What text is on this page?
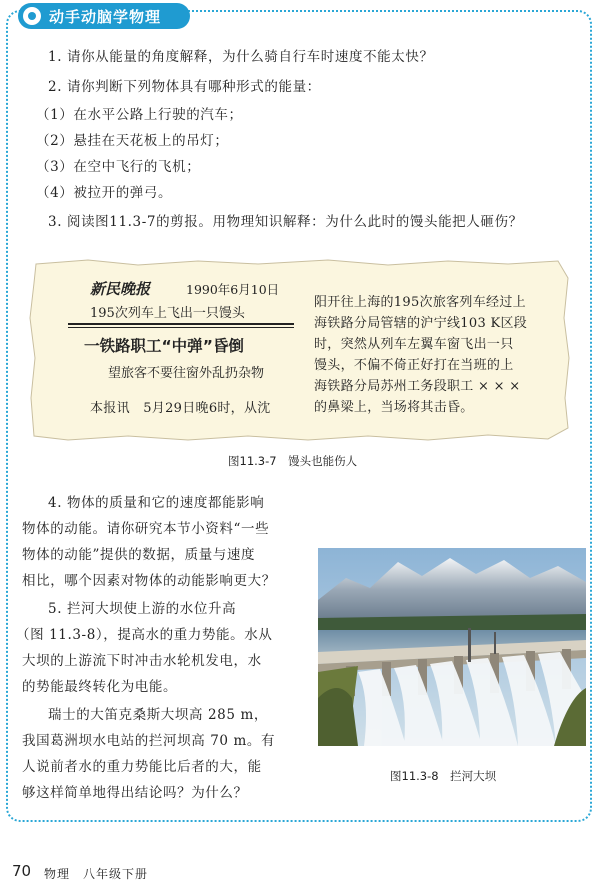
动手动脑学物理
1. 请你从能量的角度解释，为什么骑自行车时速度不能太快？
2. 请你判断下列物体具有哪种形式的能量：
（1）在水平公路上行驶的汽车；
（2）悬挂在天花板上的吊灯；
（3）在空中飞行的飞机；
（4）被拉开的弹弓。
3. 阅读图11.3-7的剪报。用物理知识解释：为什么此时的馒头能把人砸伤？
新民晚报	1990年6月10日
195次列车上飞出一只馒头
一铁路职工“中弹”昏倒
望旅客不要往窗外乱扔杂物
本报讯　5月29日晚6时，从沈
阳开往上海的195次旅客列车经过上
海铁路分局管辖的沪宁线103 K区段
时，突然从列车左翼车窗飞出一只
馒头，不偏不倚正好打在当班的上
海铁路分局苏州工务段职工 × × ×
的鼻梁上，当场将其击昏。
图11.3-7　馒头也能伤人
4. 物体的质量和它的速度都能影响
物体的动能。请你研究本节小资料“一些
物体的动能”提供的数据，质量与速度
相比，哪个因素对物体的动能影响更大？
5. 拦河大坝使上游的水位升高
（图 11.3-8），提高水的重力势能。水从
大坝的上游流下时冲击水轮机发电，水
的势能最终转化为电能。
瑞士的大笛克桑斯大坝高 285 m，
我国葛洲坝水电站的拦河坝高 70 m。有
人说前者水的重力势能比后者的大，能
够这样简单地得出结论吗？为什么？
图11.3-8　拦河大坝
70 物理　八年级下册
